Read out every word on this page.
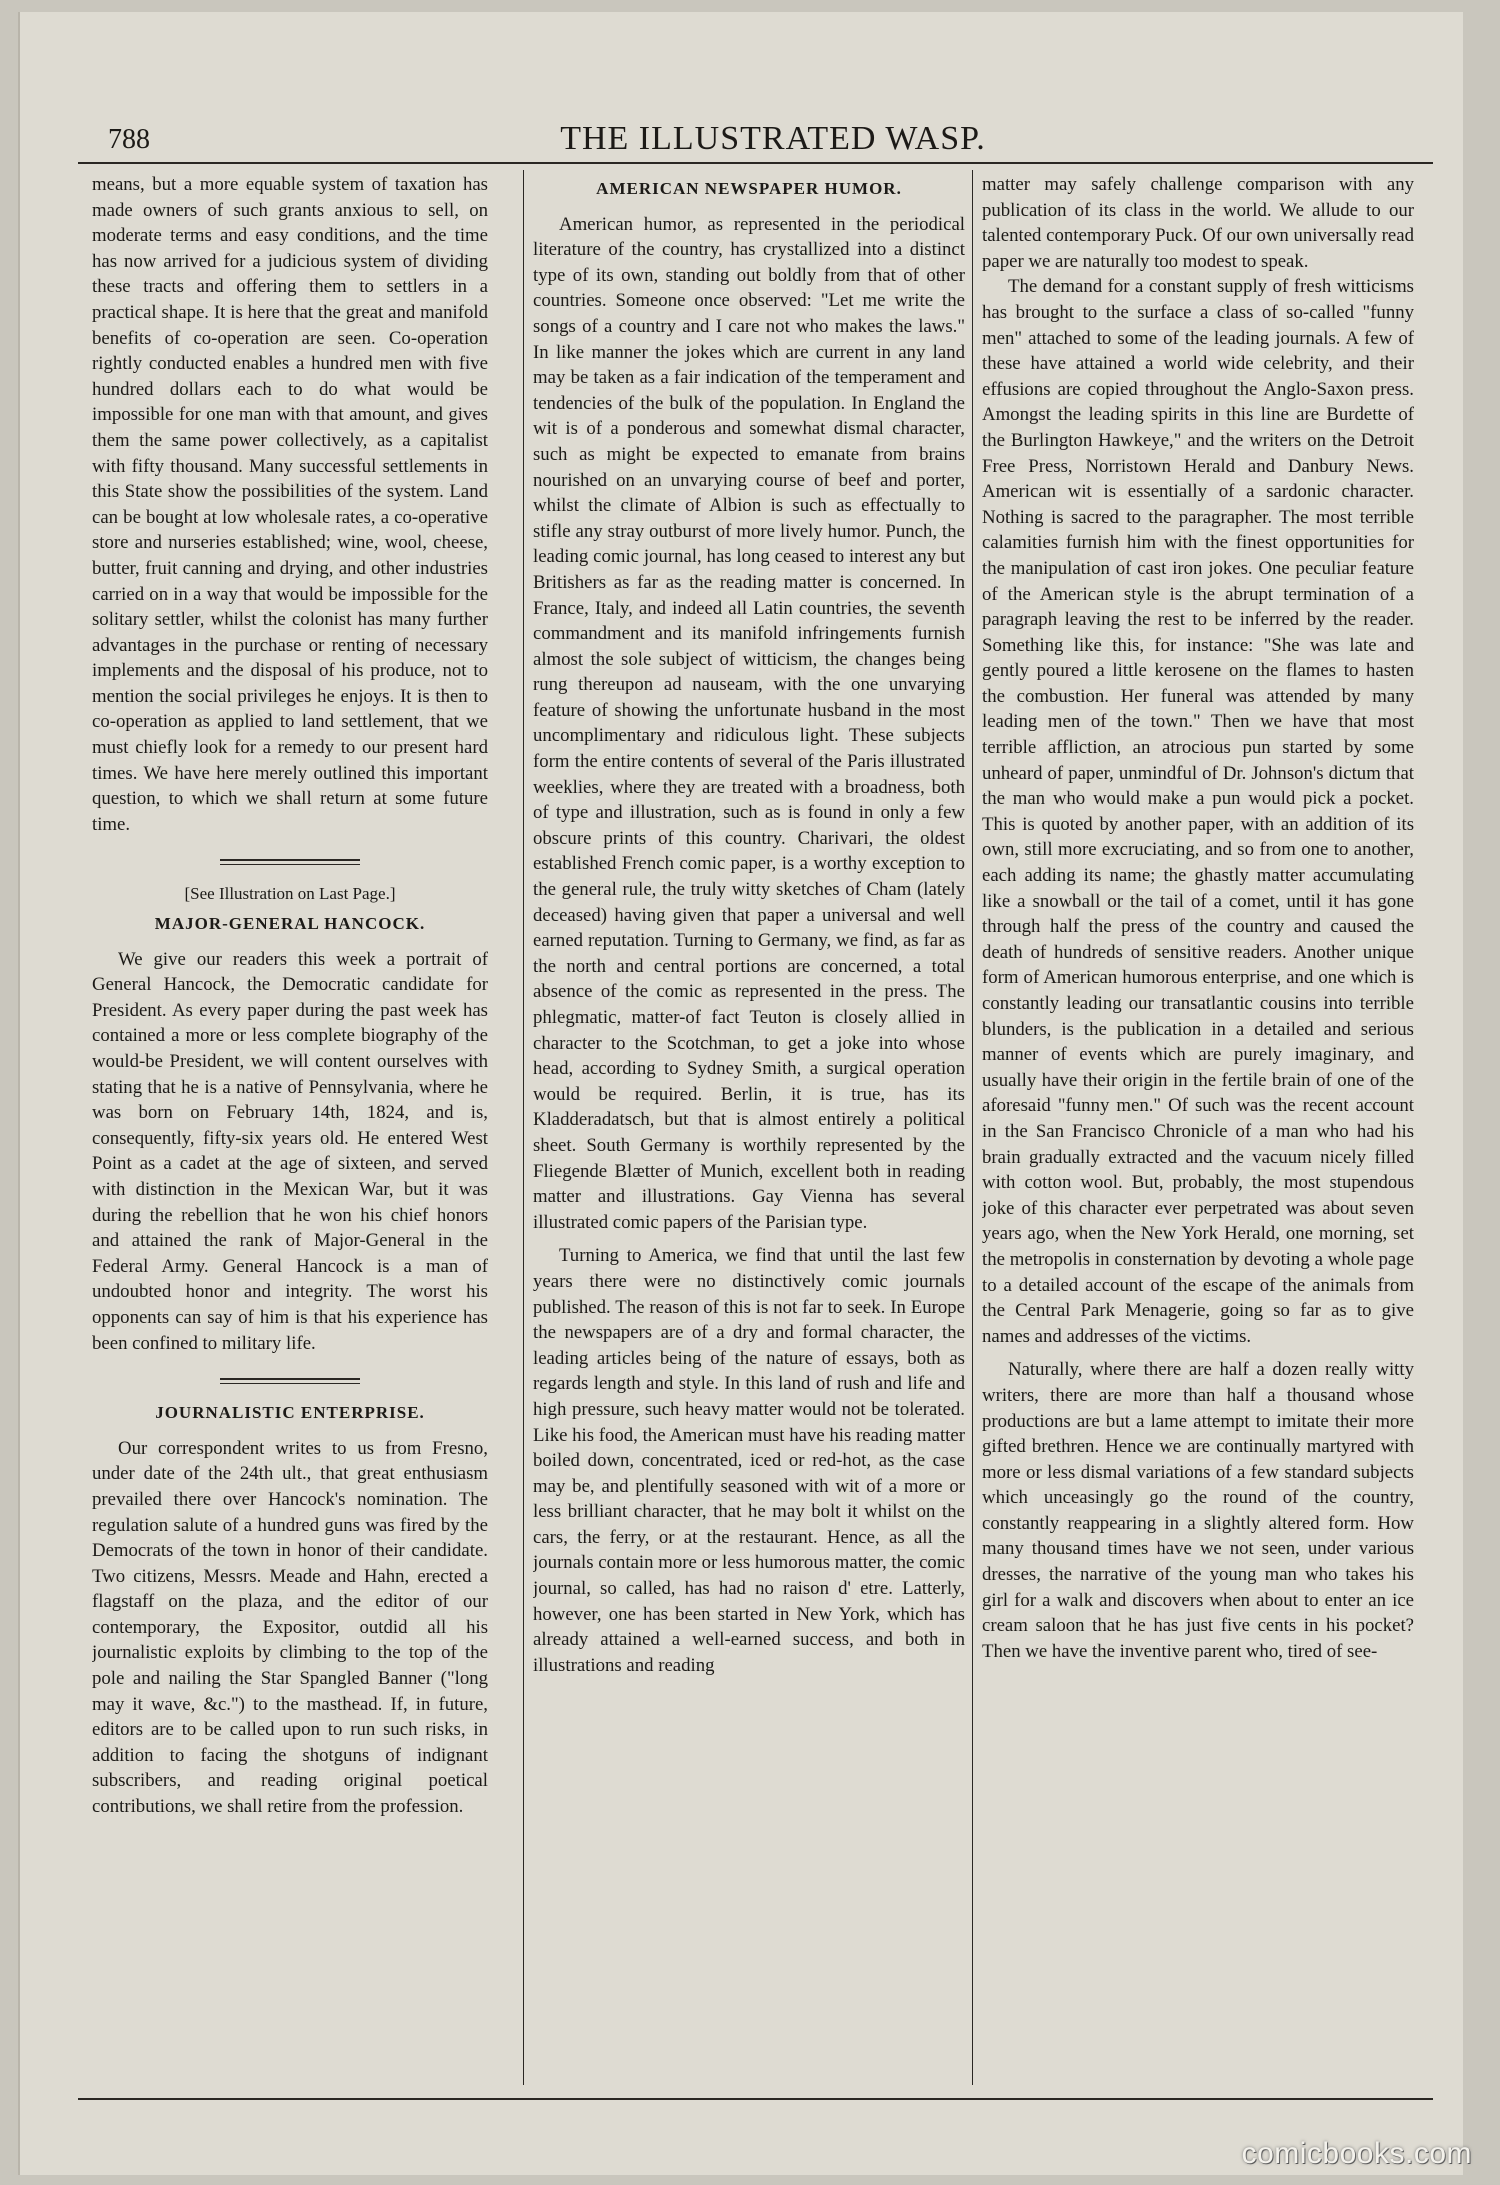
788	THE ILLUSTRATED WASP.

means, but a more equable system of taxation has made owners of such grants anxious to sell, on moderate terms and easy conditions, and the time has now arrived for a judicious system of dividing these tracts and offering them to settlers in a practical shape. It is here that the great and manifold benefits of co-operation are seen. Co-operation rightly conducted enables a hundred men with five hundred dollars each to do what would be impossible for one man with that amount, and gives them the same power collectively, as a capitalist with fifty thousand. Many successful settlements in this State show the possibilities of the system. Land can be bought at low wholesale rates, a co-operative store and nurseries established; wine, wool, cheese, butter, fruit canning and drying, and other industries carried on in a way that would be impossible for the solitary settler, whilst the colonist has many further advantages in the purchase or renting of necessary implements and the disposal of his produce, not to mention the social privileges he enjoys. It is then to co-operation as applied to land settlement, that we must chiefly look for a remedy to our present hard times. We have here merely outlined this important question, to which we shall return at some future time.

[See Illustration on Last Page.]

MAJOR-GENERAL HANCOCK.

We give our readers this week a portrait of General Hancock, the Democratic candidate for President. As every paper during the past week has contained a more or less complete biography of the would-be President, we will content ourselves with stating that he is a native of Pennsylvania, where he was born on February 14th, 1824, and is, consequently, fifty-six years old. He entered West Point as a cadet at the age of sixteen, and served with distinction in the Mexican War, but it was during the rebellion that he won his chief honors and attained the rank of Major-General in the Federal Army. General Hancock is a man of undoubted honor and integrity. The worst his opponents can say of him is that his experience has been confined to military life.

JOURNALISTIC ENTERPRISE.

Our correspondent writes to us from Fresno, under date of the 24th ult., that great enthusiasm prevailed there over Hancock's nomination. The regulation salute of a hundred guns was fired by the Democrats of the town in honor of their candidate. Two citizens, Messrs. Meade and Hahn, erected a flagstaff on the plaza, and the editor of our contemporary, the Expositor, outdid all his journalistic exploits by climbing to the top of the pole and nailing the Star Spangled Banner ("long may it wave, &c.") to the masthead. If, in future, editors are to be called upon to run such risks, in addition to facing the shotguns of indignant subscribers, and reading original poetical contributions, we shall retire from the profession.

AMERICAN NEWSPAPER HUMOR.

American humor, as represented in the periodical literature of the country, has crystallized into a distinct type of its own, standing out boldly from that of other countries. Someone once observed: "Let me write the songs of a country and I care not who makes the laws." In like manner the jokes which are current in any land may be taken as a fair indication of the temperament and tendencies of the bulk of the population. In England the wit is of a ponderous and somewhat dismal character, such as might be expected to emanate from brains nourished on an unvarying course of beef and porter, whilst the climate of Albion is such as effectually to stifle any stray outburst of more lively humor. Punch, the leading comic journal, has long ceased to interest any but Britishers as far as the reading matter is concerned. In France, Italy, and indeed all Latin countries, the seventh commandment and its manifold infringements furnish almost the sole subject of witticism, the changes being rung thereupon ad nauseam, with the one unvarying feature of showing the unfortunate husband in the most uncomplimentary and ridiculous light. These subjects form the entire contents of several of the Paris illustrated weeklies, where they are treated with a broadness, both of type and illustration, such as is found in only a few obscure prints of this country. Charivari, the oldest established French comic paper, is a worthy exception to the general rule, the truly witty sketches of Cham (lately deceased) having given that paper a universal and well earned reputation. Turning to Germany, we find, as far as the north and central portions are concerned, a total absence of the comic as represented in the press. The phlegmatic, matter-of fact Teuton is closely allied in character to the Scotchman, to get a joke into whose head, according to Sydney Smith, a surgical operation would be required. Berlin, it is true, has its Kladderadatsch, but that is almost entirely a political sheet. South Germany is worthily represented by the Fliegende Blætter of Munich, excellent both in reading matter and illustrations. Gay Vienna has several illustrated comic papers of the Parisian type.

Turning to America, we find that until the last few years there were no distinctively comic journals published. The reason of this is not far to seek. In Europe the newspapers are of a dry and formal character, the leading articles being of the nature of essays, both as regards length and style. In this land of rush and life and high pressure, such heavy matter would not be tolerated. Like his food, the American must have his reading matter boiled down, concentrated, iced or red-hot, as the case may be, and plentifully seasoned with wit of a more or less brilliant character, that he may bolt it whilst on the cars, the ferry, or at the restaurant. Hence, as all the journals contain more or less humorous matter, the comic journal, so called, has had no raison d' etre. Latterly, however, one has been started in New York, which has already attained a well-earned success, and both in illustrations and reading

matter may safely challenge comparison with any publication of its class in the world. We allude to our talented contemporary Puck. Of our own universally read paper we are naturally too modest to speak.

The demand for a constant supply of fresh witticisms has brought to the surface a class of so-called "funny men" attached to some of the leading journals. A few of these have attained a world wide celebrity, and their effusions are copied throughout the Anglo-Saxon press. Amongst the leading spirits in this line are Burdette of the Burlington Hawkeye," and the writers on the Detroit Free Press, Norristown Herald and Danbury News. American wit is essentially of a sardonic character. Nothing is sacred to the paragrapher. The most terrible calamities furnish him with the finest opportunities for the manipulation of cast iron jokes. One peculiar feature of the American style is the abrupt termination of a paragraph leaving the rest to be inferred by the reader. Something like this, for instance: "She was late and gently poured a little kerosene on the flames to hasten the combustion. Her funeral was attended by many leading men of the town." Then we have that most terrible affliction, an atrocious pun started by some unheard of paper, unmindful of Dr. Johnson's dictum that the man who would make a pun would pick a pocket. This is quoted by another paper, with an addition of its own, still more excruciating, and so from one to another, each adding its name; the ghastly matter accumulating like a snowball or the tail of a comet, until it has gone through half the press of the country and caused the death of hundreds of sensitive readers. Another unique form of American humorous enterprise, and one which is constantly leading our transatlantic cousins into terrible blunders, is the publication in a detailed and serious manner of events which are purely imaginary, and usually have their origin in the fertile brain of one of the aforesaid "funny men." Of such was the recent account in the San Francisco Chronicle of a man who had his brain gradually extracted and the vacuum nicely filled with cotton wool. But, probably, the most stupendous joke of this character ever perpetrated was about seven years ago, when the New York Herald, one morning, set the metropolis in consternation by devoting a whole page to a detailed account of the escape of the animals from the Central Park Menagerie, going so far as to give names and addresses of the victims.

Naturally, where there are half a dozen really witty writers, there are more than half a thousand whose productions are but a lame attempt to imitate their more gifted brethren. Hence we are continually martyred with more or less dismal variations of a few standard subjects which unceasingly go the round of the country, constantly reappearing in a slightly altered form. How many thousand times have we not seen, under various dresses, the narrative of the young man who takes his girl for a walk and discovers when about to enter an ice cream saloon that he has just five cents in his pocket? Then we have the inventive parent who, tired of see-

comicbooks.com
